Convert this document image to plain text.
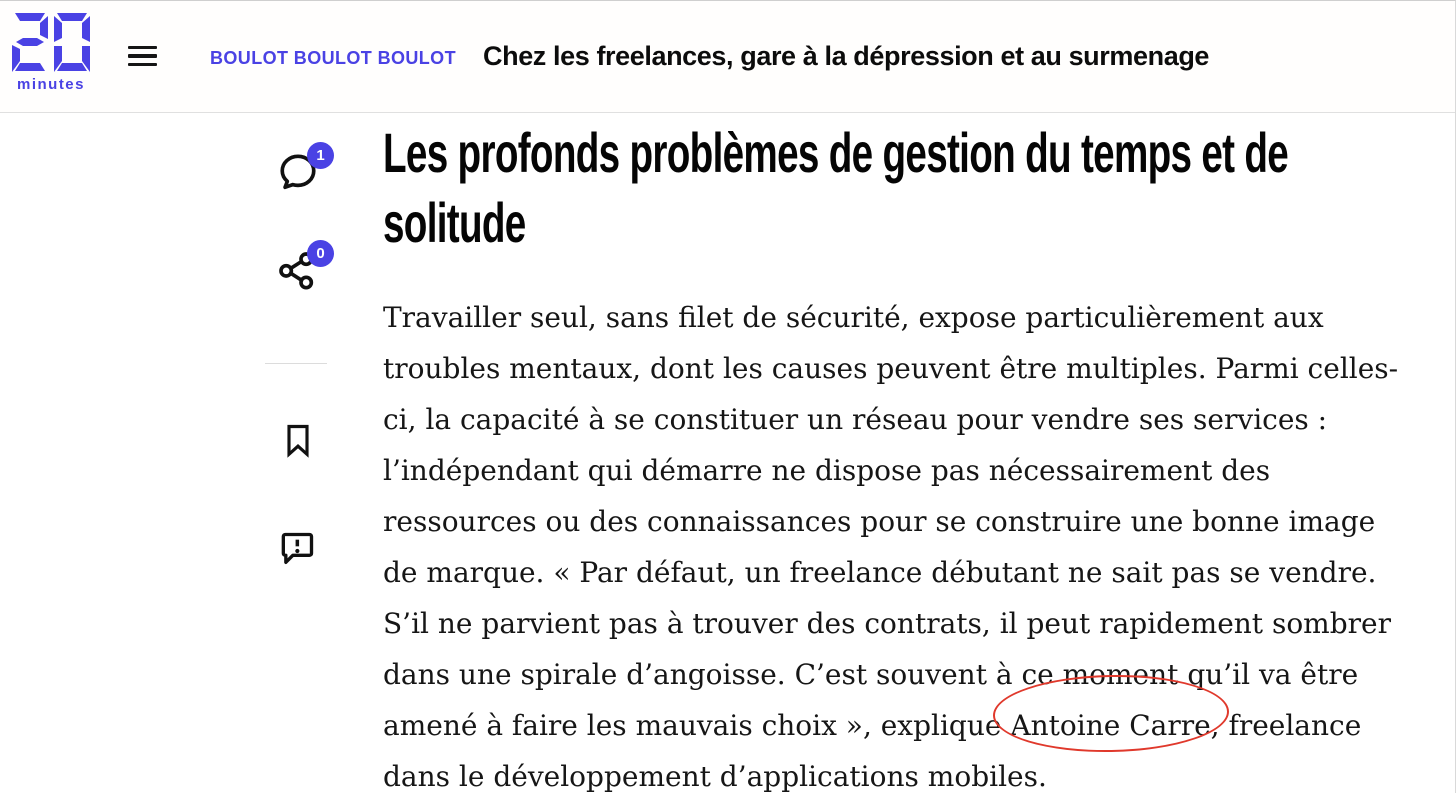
minutes
BOULOT BOULOT BOULOT Chez les freelances, gare à la dépression et au surmenage
1
0
Les profonds problèmes de gestion du temps et de solitude

Travailler seul, sans filet de sécurité, expose particulièrement aux troubles mentaux, dont les causes peuvent être multiples. Parmi celles-ci, la capacité à se constituer un réseau pour vendre ses services : l’indépendant qui démarre ne dispose pas nécessairement des ressources ou des connaissances pour se construire une bonne image de marque. « Par défaut, un freelance débutant ne sait pas se vendre. S’il ne parvient pas à trouver des contrats, il peut rapidement sombrer dans une spirale d’angoisse. C’est souvent à ce moment qu’il va être amené à faire les mauvais choix », explique Antoine Carre
, freelance dans le développement d’applications mobiles.
